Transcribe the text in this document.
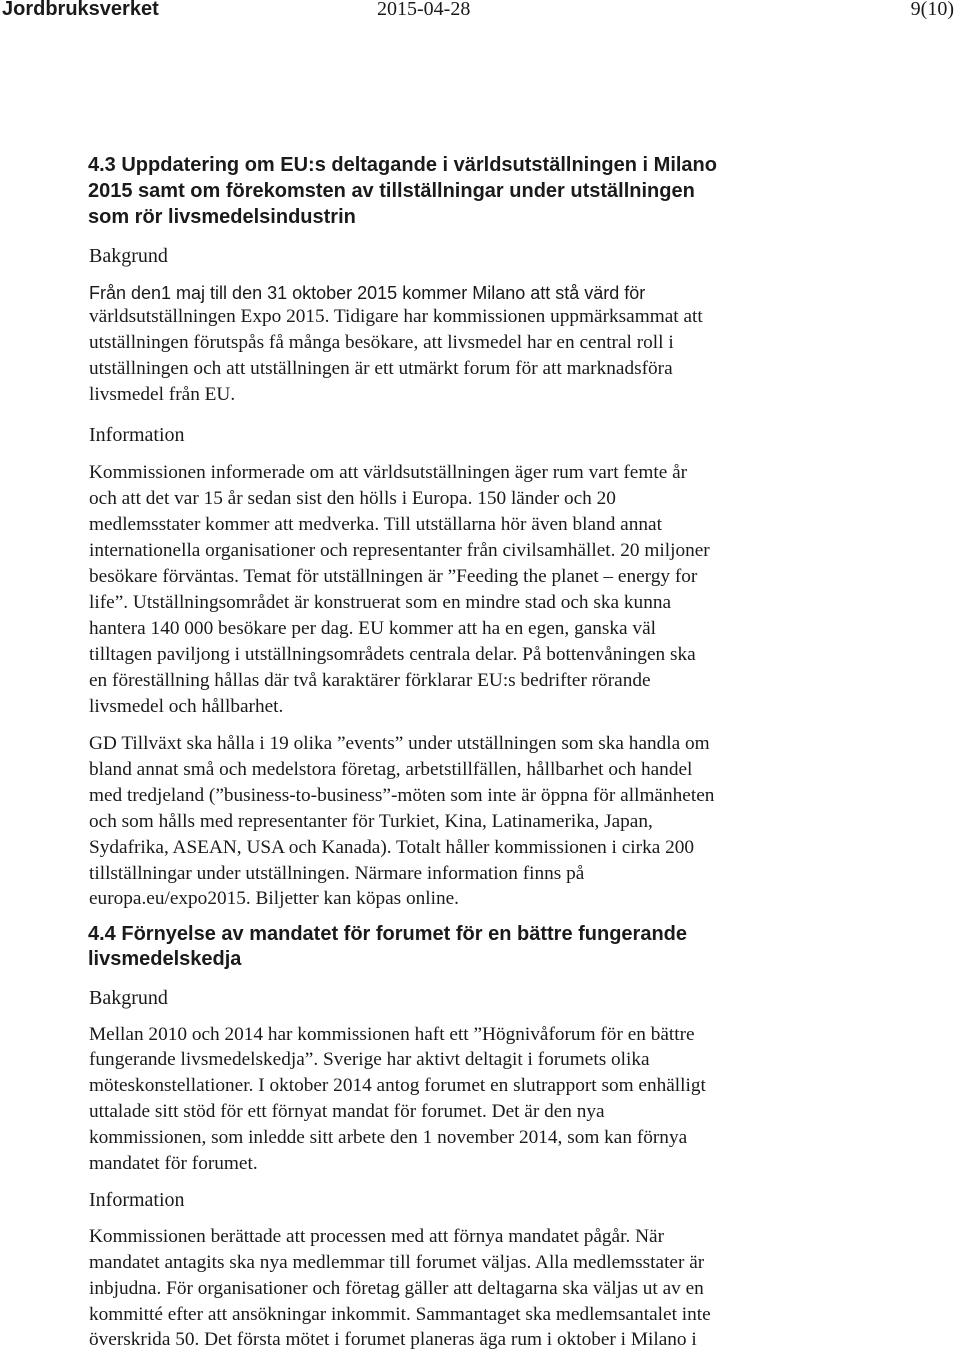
Jordbruksverket	2015-04-28	9(10)
4.3 Uppdatering om EU:s deltagande i världsutställningen i Milano
2015 samt om förekomsten av tillställningar under utställningen
som rör livsmedelsindustrin
Bakgrund
Från den1 maj till den 31 oktober 2015 kommer Milano att stå värd för
världsutställningen Expo 2015. Tidigare har kommissionen uppmärksammat att
utställningen förutspås få många besökare, att livsmedel har en central roll i
utställningen och att utställningen är ett utmärkt forum för att marknadsföra
livsmedel från EU.
Information
Kommissionen informerade om att världsutställningen äger rum vart femte år
och att det var 15 år sedan sist den hölls i Europa. 150 länder och 20
medlemsstater kommer att medverka. Till utställarna hör även bland annat
internationella organisationer och representanter från civilsamhället. 20 miljoner
besökare förväntas. Temat för utställningen är ”Feeding the planet – energy for
life”. Utställningsområdet är konstruerat som en mindre stad och ska kunna
hantera 140 000 besökare per dag. EU kommer att ha en egen, ganska väl
tilltagen paviljong i utställningsområdets centrala delar. På bottenvåningen ska
en föreställning hållas där två karaktärer förklarar EU:s bedrifter rörande
livsmedel och hållbarhet.
GD Tillväxt ska hålla i 19 olika ”events” under utställningen som ska handla om
bland annat små och medelstora företag, arbetstillfällen, hållbarhet och handel
med tredjeland (”business-to-business”-möten som inte är öppna för allmänheten
och som hålls med representanter för Turkiet, Kina, Latinamerika, Japan,
Sydafrika, ASEAN, USA och Kanada). Totalt håller kommissionen i cirka 200
tillställningar under utställningen. Närmare information finns på
europa.eu/expo2015. Biljetter kan köpas online.
4.4 Förnyelse av mandatet för forumet för en bättre fungerande
livsmedelskedja
Bakgrund
Mellan 2010 och 2014 har kommissionen haft ett ”Högnivåforum för en bättre
fungerande livsmedelskedja”. Sverige har aktivt deltagit i forumets olika
möteskonstellationer. I oktober 2014 antog forumet en slutrapport som enhälligt
uttalade sitt stöd för ett förnyat mandat för forumet. Det är den nya
kommissionen, som inledde sitt arbete den 1 november 2014, som kan förnya
mandatet för forumet.
Information
Kommissionen berättade att processen med att förnya mandatet pågår. När
mandatet antagits ska nya medlemmar till forumet väljas. Alla medlemsstater är
inbjudna. För organisationer och företag gäller att deltagarna ska väljas ut av en
kommitté efter att ansökningar inkommit. Sammantaget ska medlemsantalet inte
överskrida 50. Det första mötet i forumet planeras äga rum i oktober i Milano i
